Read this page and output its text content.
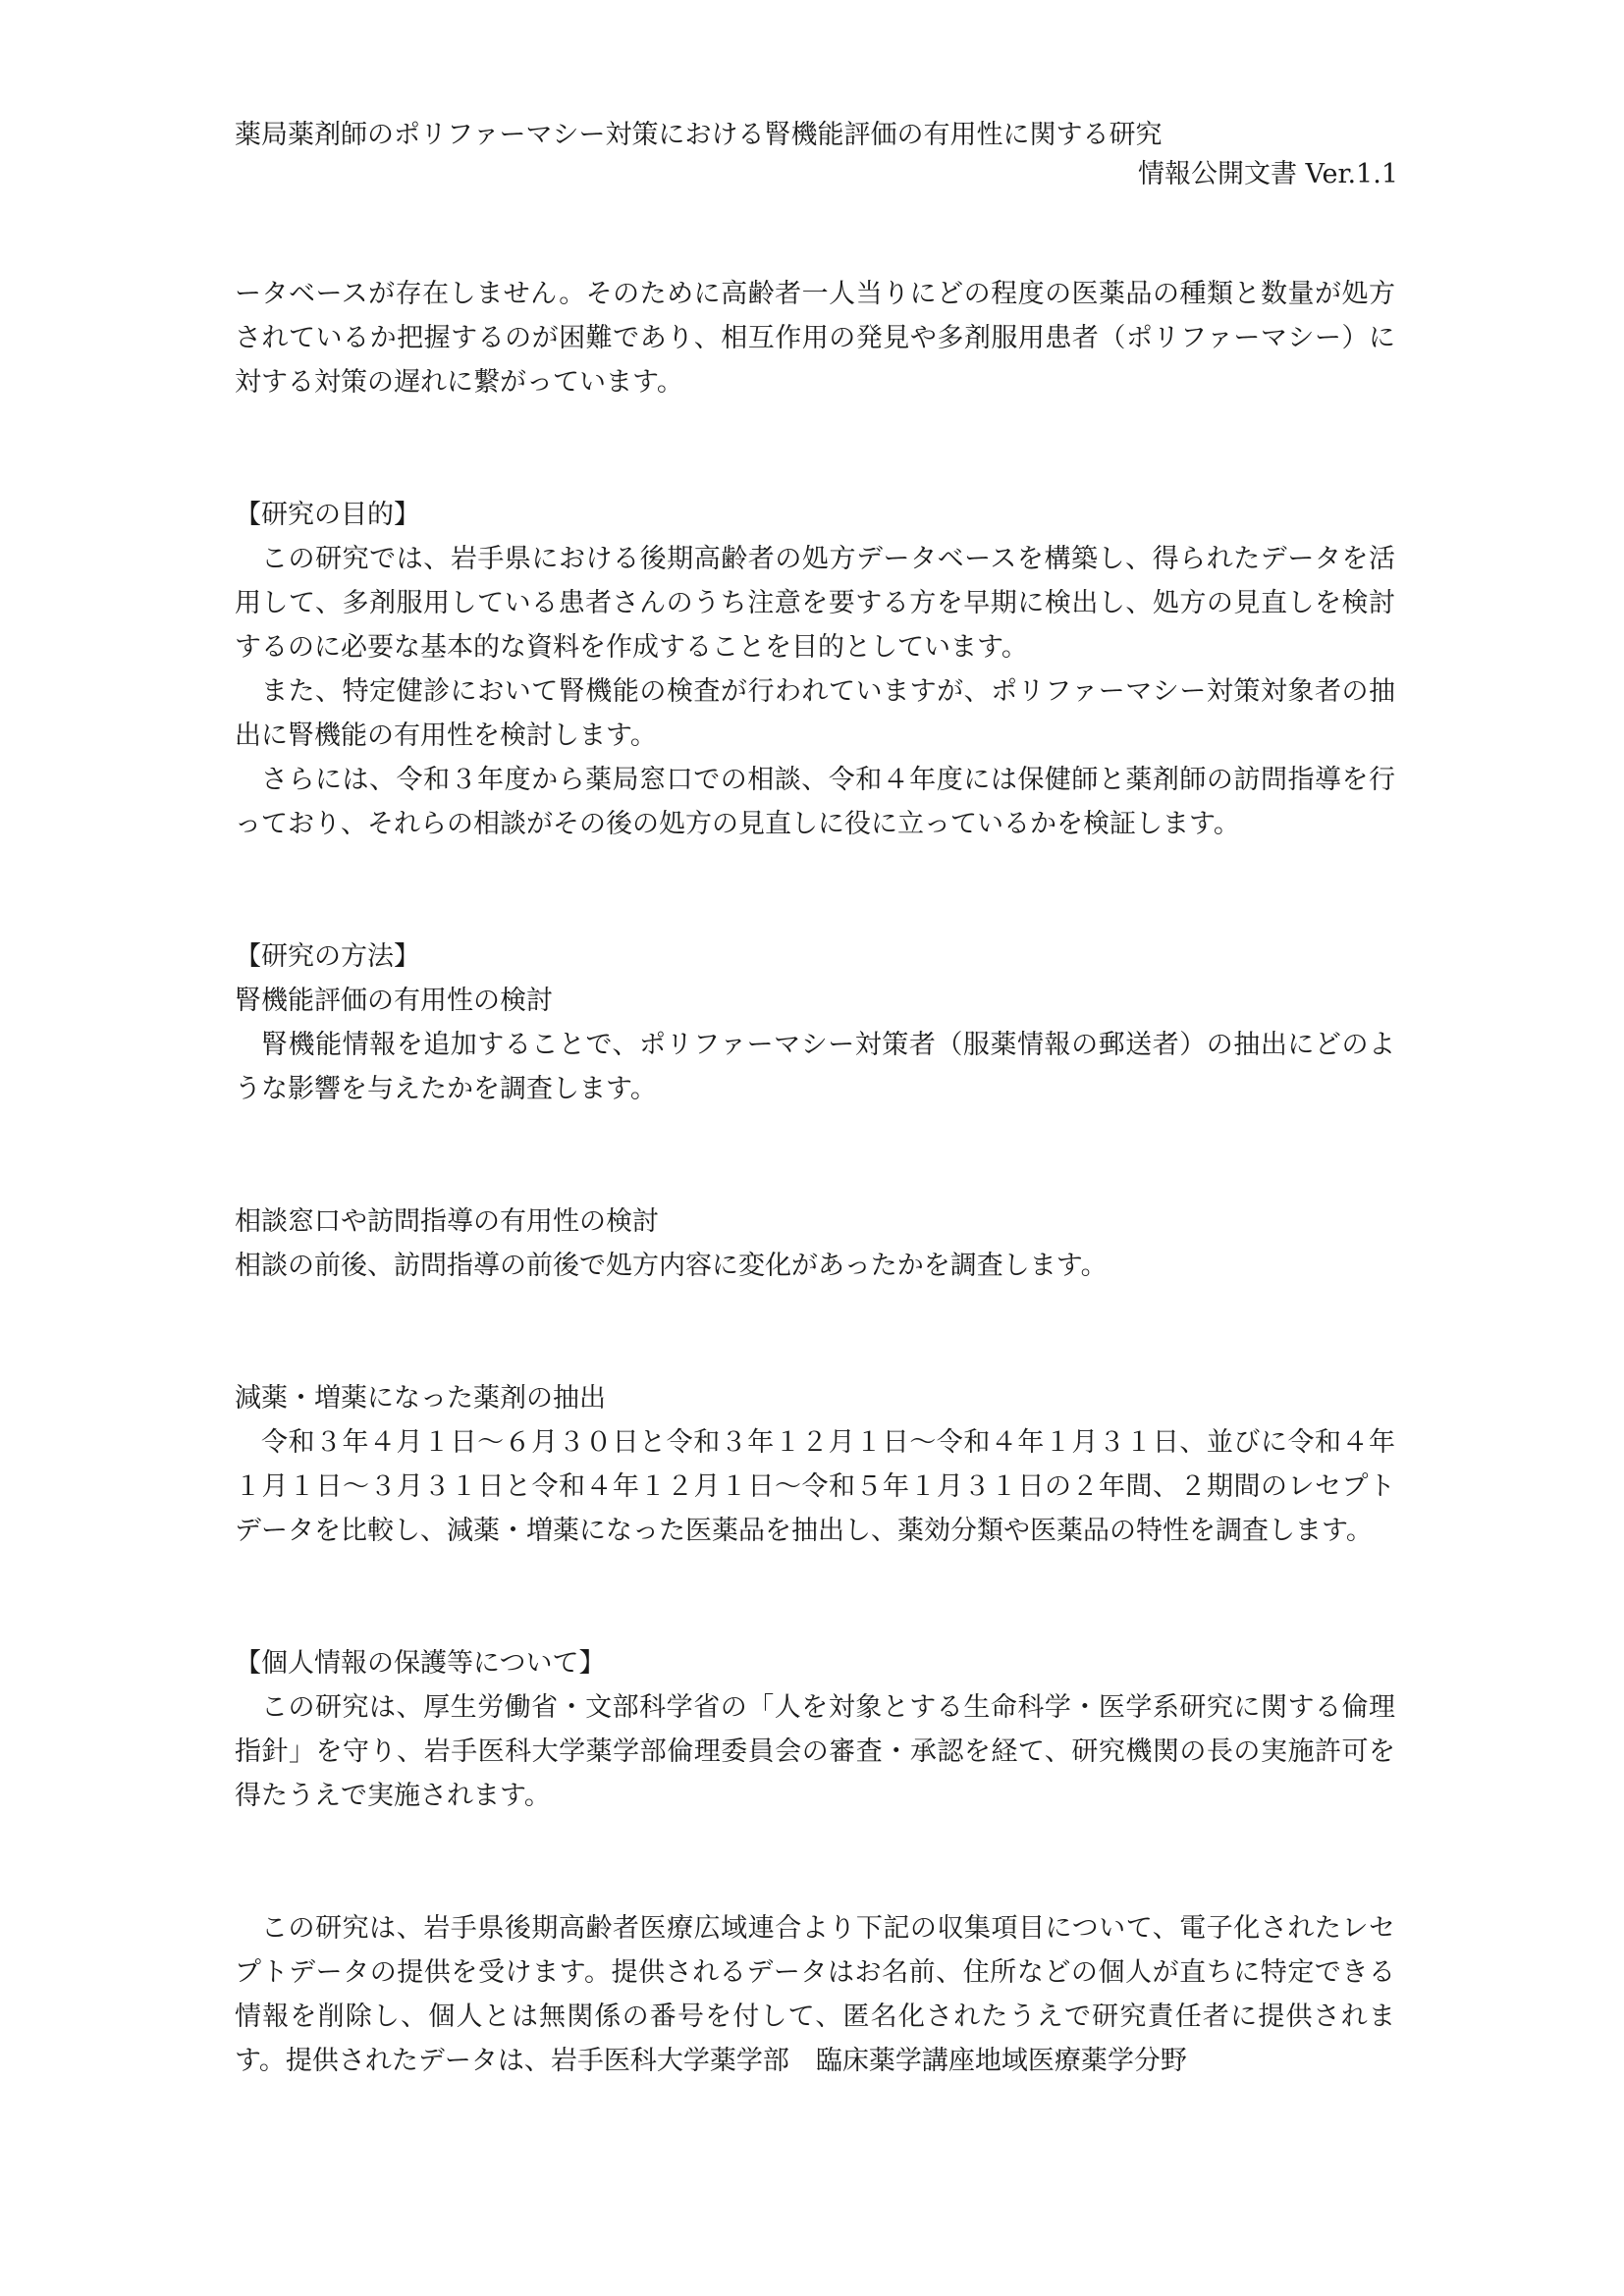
薬局薬剤師のポリファーマシー対策における腎機能評価の有用性に関する研究
情報公開文書 Ver.1.1

ータベースが存在しません。そのために高齢者一人当りにどの程度の医薬品の種類と数量が処方されているか把握するのが困難であり、相互作用の発見や多剤服用患者（ポリファーマシー）に対する対策の遅れに繋がっています。

【研究の目的】

この研究では、岩手県における後期高齢者の処方データベースを構築し、得られたデータを活用して、多剤服用している患者さんのうち注意を要する方を早期に検出し、処方の見直しを検討するのに必要な基本的な資料を作成することを目的としています。

また、特定健診において腎機能の検査が行われていますが、ポリファーマシー対策対象者の抽出に腎機能の有用性を検討します。

さらには、令和３年度から薬局窓口での相談、令和４年度には保健師と薬剤師の訪問指導を行っており、それらの相談がその後の処方の見直しに役に立っているかを検証します。

【研究の方法】

腎機能評価の有用性の検討

腎機能情報を追加することで、ポリファーマシー対策者（服薬情報の郵送者）の抽出にどのような影響を与えたかを調査します。

相談窓口や訪問指導の有用性の検討

相談の前後、訪問指導の前後で処方内容に変化があったかを調査します。

減薬・増薬になった薬剤の抽出

令和３年４月１日～６月３０日と令和３年１２月１日～令和４年１月３１日、並びに令和４年１月１日～３月３１日と令和４年１２月１日～令和５年１月３１日の２年間、２期間のレセプトデータを比較し、減薬・増薬になった医薬品を抽出し、薬効分類や医薬品の特性を調査します。

【個人情報の保護等について】

この研究は、厚生労働省・文部科学省の「人を対象とする生命科学・医学系研究に関する倫理指針」を守り、岩手医科大学薬学部倫理委員会の審査・承認を経て、研究機関の長の実施許可を得たうえで実施されます。

この研究は、岩手県後期高齢者医療広域連合より下記の収集項目について、電子化されたレセプトデータの提供を受けます。提供されるデータはお名前、住所などの個人が直ちに特定できる情報を削除し、個人とは無関係の番号を付して、匿名化されたうえで研究責任者に提供されます。提供されたデータは、岩手医科大学薬学部　臨床薬学講座地域医療薬学分野
